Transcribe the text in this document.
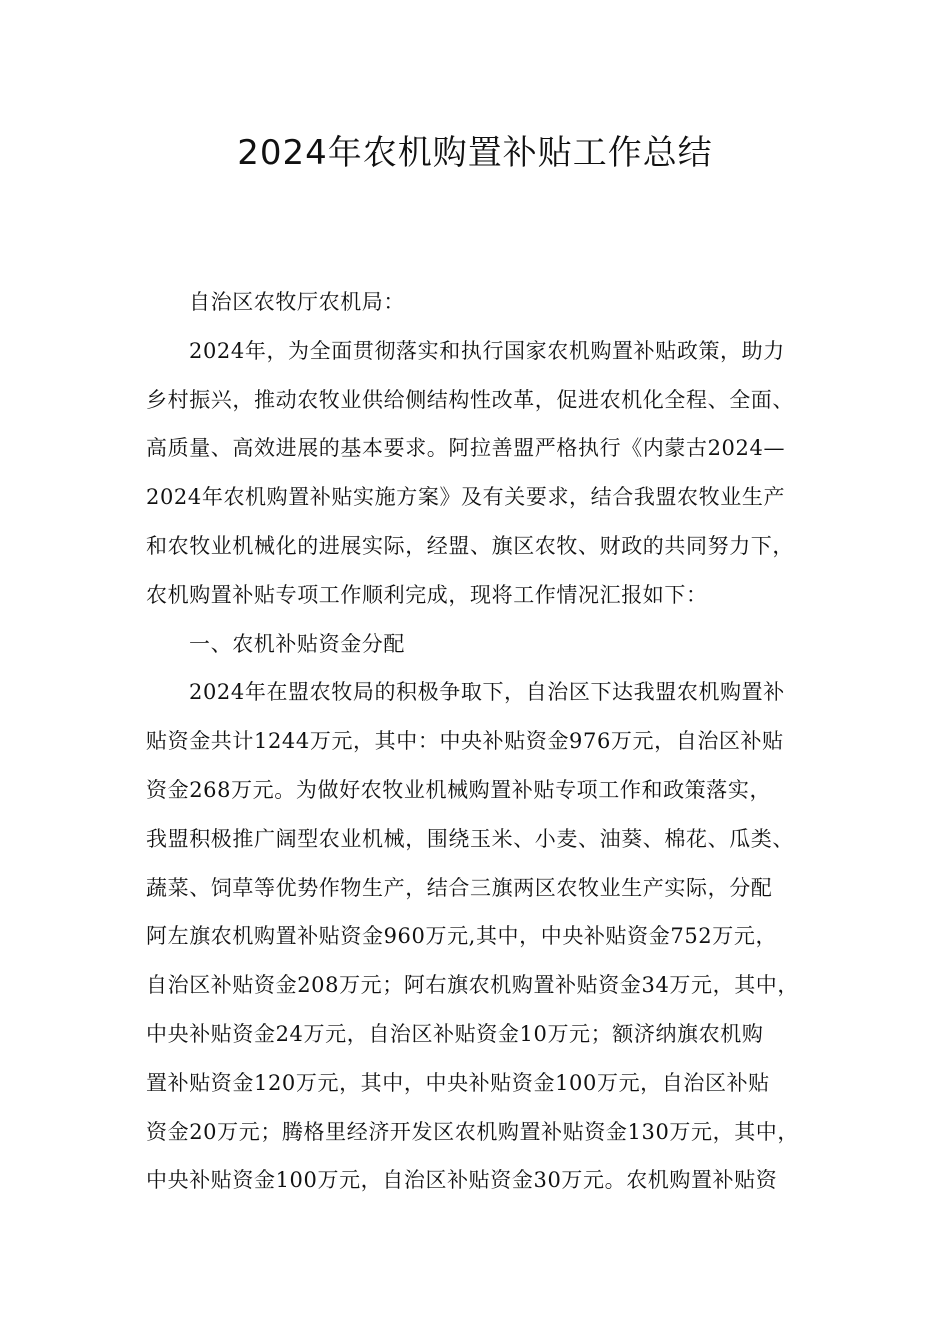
2024年农机购置补贴工作总结
自治区农牧厅农机局：
2024年，为全面贯彻落实和执行国家农机购置补贴政策，助力
乡村振兴，推动农牧业供给侧结构性改革，促进农机化全程、全面、
高质量、高效进展的基本要求。阿拉善盟严格执行《内蒙古2024—
2024年农机购置补贴实施方案》及有关要求，结合我盟农牧业生产
和农牧业机械化的进展实际，经盟、旗区农牧、财政的共同努力下，
农机购置补贴专项工作顺利完成，现将工作情况汇报如下：
一、农机补贴资金分配
2024年在盟农牧局的积极争取下，自治区下达我盟农机购置补
贴资金共计1244万元，其中：中央补贴资金976万元，自治区补贴
资金268万元。为做好农牧业机械购置补贴专项工作和政策落实，
我盟积极推广阔型农业机械，围绕玉米、小麦、油葵、棉花、瓜类、
蔬菜、饲草等优势作物生产，结合三旗两区农牧业生产实际，分配
阿左旗农机购置补贴资金960万元,其中，中央补贴资金752万元，
自治区补贴资金208万元；阿右旗农机购置补贴资金34万元，其中，
中央补贴资金24万元，自治区补贴资金10万元；额济纳旗农机购
置补贴资金120万元，其中，中央补贴资金100万元，自治区补贴
资金20万元；腾格里经济开发区农机购置补贴资金130万元，其中，
中央补贴资金100万元，自治区补贴资金30万元。农机购置补贴资
